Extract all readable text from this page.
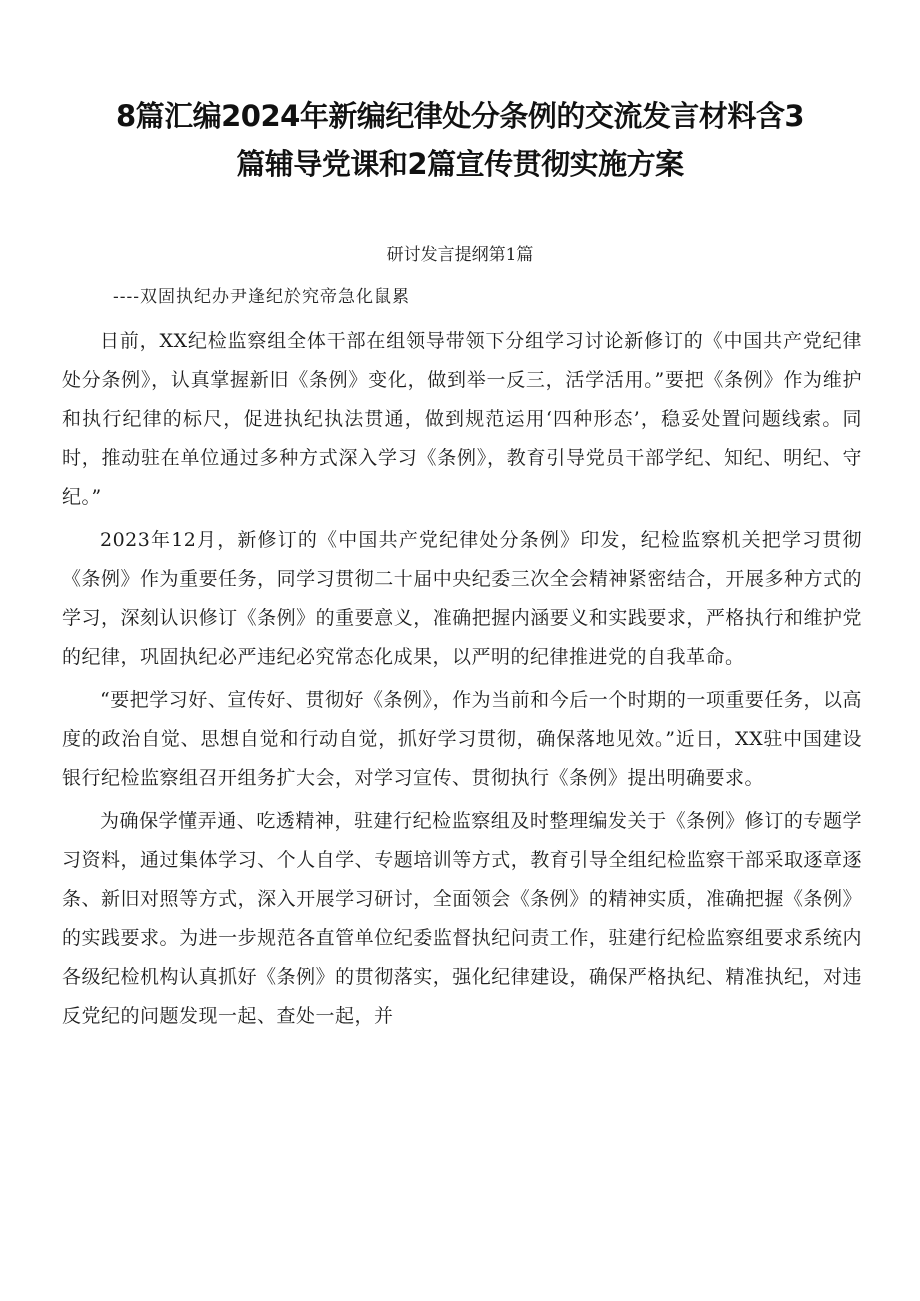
8篇汇编2024年新编纪律处分条例的交流发言材料含3
篇辅导党课和2篇宣传贯彻实施方案
研讨发言提纲第1篇
----双固执纪办尹逢纪於究帝急化鼠累

日前，XX纪检监察组全体干部在组领导带领下分组学习讨论新修订的《中国共产党纪律处分条例》，认真掌握新旧《条例》变化，做到举一反三，活学活用。”要把《条例》作为维护和执行纪律的标尺，促进执纪执法贯通，做到规范运用‘四种形态’，稳妥处置问题线索。同时，推动驻在单位通过多种方式深入学习《条例》，教育引导党员干部学纪、知纪、明纪、守纪。”

2023年12月，新修订的《中国共产党纪律处分条例》印发，纪检监察机关把学习贯彻《条例》作为重要任务，同学习贯彻二十届中央纪委三次全会精神紧密结合，开展多种方式的学习，深刻认识修订《条例》的重要意义，准确把握内涵要义和实践要求，严格执行和维护党的纪律，巩固执纪必严违纪必究常态化成果，以严明的纪律推进党的自我革命。

“要把学习好、宣传好、贯彻好《条例》，作为当前和今后一个时期的一项重要任务，以高度的政治自觉、思想自觉和行动自觉，抓好学习贯彻，确保落地见效。”近日，XX驻中国建设银行纪检监察组召开组务扩大会，对学习宣传、贯彻执行《条例》提出明确要求。

为确保学懂弄通、吃透精神，驻建行纪检监察组及时整理编发关于《条例》修订的专题学习资料，通过集体学习、个人自学、专题培训等方式，教育引导全组纪检监察干部采取逐章逐条、新旧对照等方式，深入开展学习研讨，全面领会《条例》的精神实质，准确把握《条例》的实践要求。为进一步规范各直管单位纪委监督执纪问责工作，驻建行纪检监察组要求系统内各级纪检机构认真抓好《条例》的贯彻落实，强化纪律建设，确保严格执纪、精准执纪，对违反党纪的问题发现一起、查处一起，并
